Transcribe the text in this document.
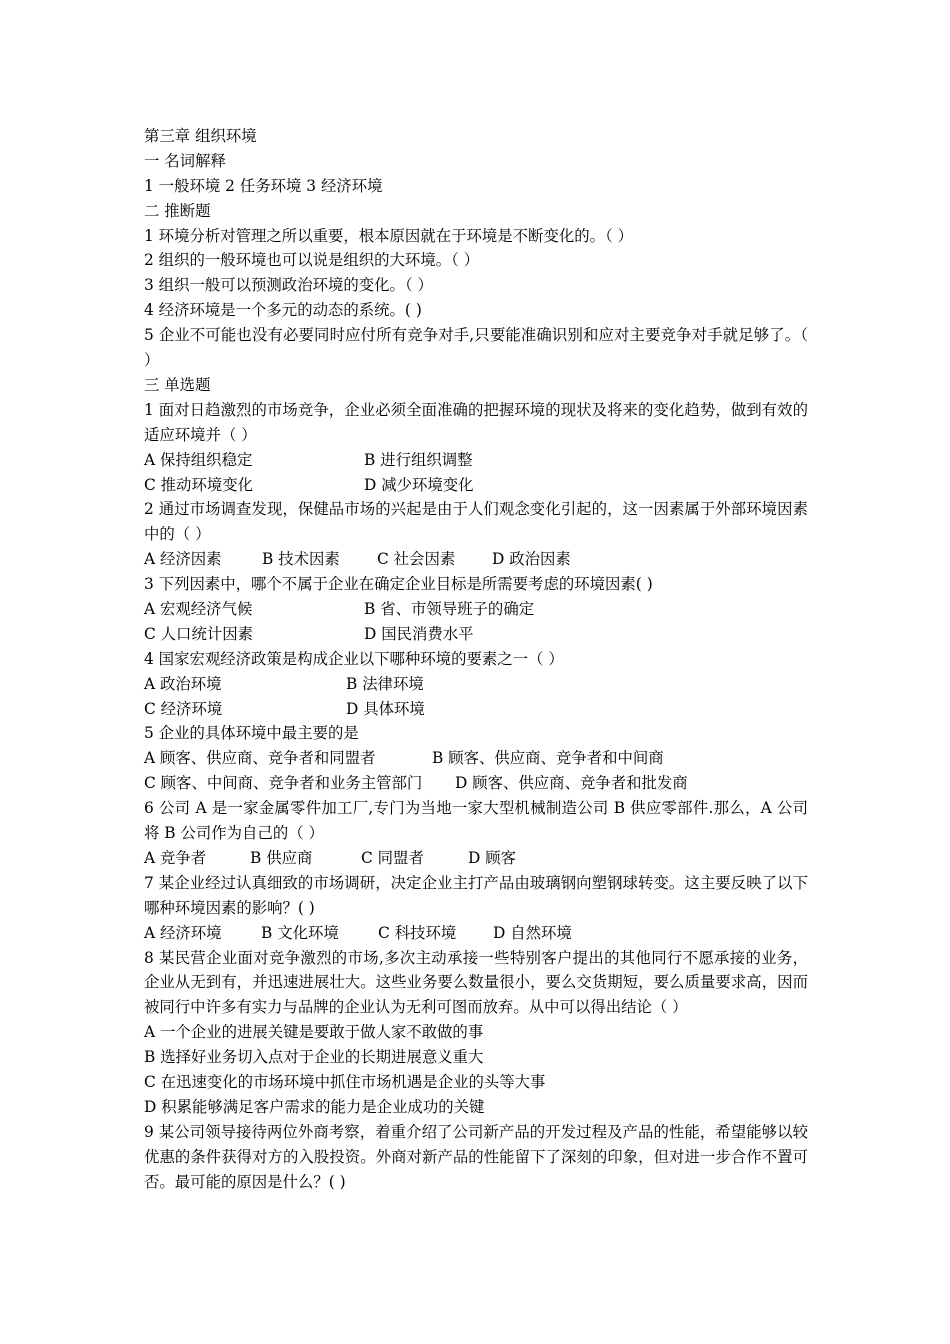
第三章 组织环境
一 名词解释
1 一般环境 2 任务环境 3 经济环境
二 推断题
1 环境分析对管理之所以重要，根本原因就在于环境是不断变化的。（ ）
2 组织的一般环境也可以说是组织的大环境。（ ）
3 组织一般可以预测政治环境的变化。（ ）
4 经济环境是一个多元的动态的系统。( )
5 企业不可能也没有必要同时应付所有竞争对手,只要能准确识别和应对主要竞争对手就足够了。（ ）
三 单选题
1 面对日趋激烈的市场竞争，企业必须全面准确的把握环境的现状及将来的变化趋势，做到有效的适应环境并（ ）
A 保持组织稳定	B 进行组织调整
C 推动环境变化	D 减少环境变化
2 通过市场调查发现，保健品市场的兴起是由于人们观念变化引起的，这一因素属于外部环境因素中的（ ）
A 经济因素	B 技术因素	C 社会因素	D 政治因素
3 下列因素中，哪个不属于企业在确定企业目标是所需要考虑的环境因素( )
A 宏观经济气候	B 省、市领导班子的确定
C 人口统计因素	D 国民消费水平
4 国家宏观经济政策是构成企业以下哪种环境的要素之一（ ）
A 政治环境	B 法律环境
C 经济环境	D 具体环境
5 企业的具体环境中最主要的是
A 顾客、供应商、竞争者和同盟者	B 顾客、供应商、竞争者和中间商
C 顾客、中间商、竞争者和业务主管部门	D 顾客、供应商、竞争者和批发商
6 公司 A 是一家金属零件加工厂,专门为当地一家大型机械制造公司 B 供应零部件.那么，A 公司将 B 公司作为自己的（ ）
A 竞争者	B 供应商	C 同盟者	D 顾客
7 某企业经过认真细致的市场调研，决定企业主打产品由玻璃钢向塑钢球转变。这主要反映了以下哪种环境因素的影响？( )
A 经济环境	B 文化环境	C 科技环境	D 自然环境
8 某民营企业面对竞争激烈的市场,多次主动承接一些特别客户提出的其他同行不愿承接的业务，企业从无到有，并迅速进展壮大。这些业务要么数量很小，要么交货期短，要么质量要求高，因而被同行中许多有实力与品牌的企业认为无利可图而放弃。从中可以得出结论（ ）
A 一个企业的进展关键是要敢于做人家不敢做的事
B 选择好业务切入点对于企业的长期进展意义重大
C 在迅速变化的市场环境中抓住市场机遇是企业的头等大事
D 积累能够满足客户需求的能力是企业成功的关键
9 某公司领导接待两位外商考察，着重介绍了公司新产品的开发过程及产品的性能，希望能够以较优惠的条件获得对方的入股投资。外商对新产品的性能留下了深刻的印象，但对进一步合作不置可否。最可能的原因是什么？( )
